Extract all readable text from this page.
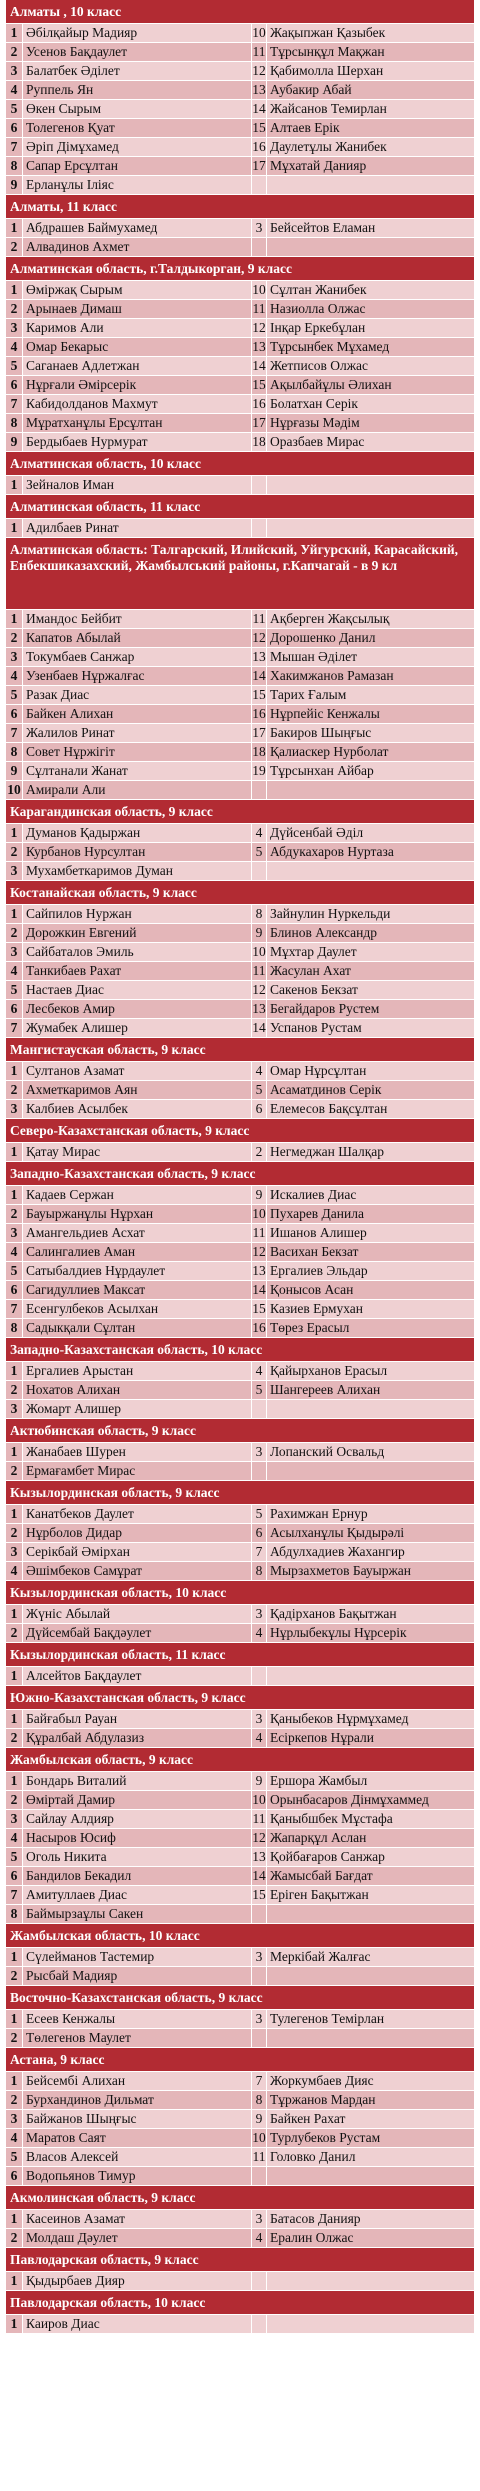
Алматы , 10 класс
1 Әбілқайыр Мадияр	10 Жақыпжан Қазыбек
2 Усенов Бақдаулет	11 Тұрсынқұл Мақжан
3 Балатбек Әділет	12 Қабимолла Шерхан
4 Руппель Ян	13 Аубакир Абай
5 Өкен Сырым	14 Жайсанов Темирлан
6 Толегенов Қуат	15 Алтаев Ерік
7 Әріп Дімұхамед	16 Даулетұлы Жанибек
8 Сапар Ерсұлтан	17 Мұхатай Данияр
9 Ерланұлы Іліяс
Алматы, 11 класс
1 Абдрашев Баймухамед	3 Бейсейтов Еламан
2 Алвадинов Ахмет
Алматинская область, г.Талдыкорган, 9 класс
1 Өміржақ Сырым	10 Сұлтан Жанибек
2 Арынаев Димаш	11 Назиолла Олжас
3 Каримов Али	12 Інқар Еркебұлан
4 Омар Бекарыс	13 Тұрсынбек Мұхамед
5 Саганаев Адлетжан	14 Жетписов Олжас
6 Нұрғали Әмірсерік	15 Ақылбайұлы Әлихан
7 Кабидолданов Махмут	16 Болатхан Серік
8 Мұратханұлы Ерсұлтан	17 Нұрғазы Мәдім
9 Бердыбаев Нурмурат	18 Оразбаев Мирас
Алматинская область, 10 класс
1 Зейналов Иман
Алматинская область, 11 класс
1 Адилбаев Ринат
Алматинская область: Талгарский, Илийский, Уйгурский, Карасайский, Енбекшиказахский, Жамбылський районы, г.Капчагай - в 9 кл
1 Имандос Бейбит	11 Ақберген Жақсылық
2 Капатов Абылай	12 Дорошенко Данил
3 Токумбаев Санжар	13 Мышан Әділет
4 Узенбаев Нұржалғас	14 Хакимжанов Рамазан
5 Разак Диас	15 Тарих Ғалым
6 Байкен Алихан	16 Нұрпейіс Кенжалы
7 Жалилов Ринат	17 Бакиров Шыңғыс
8 Совет Нұржігіт	18 Қалиаскер Нурболат
9 Сұлтанали Жанат	19 Тұрсынхан Айбар
10 Амирали Али
Карагандинская область, 9 класс
1 Думанов Қадыржан	4 Дүйсенбай Әділ
2 Курбанов Нурсултан	5 Абдукахаров Нуртаза
3 Мухамбеткаримов Думан
Костанайская область, 9 класс
1 Сайпилов Нуржан	8 Зайнулин Нуркельди
2 Дорожкин Евгений	9 Блинов Александр
3 Сайбаталов Эмиль	10 Мұхтар Даулет
4 Танкибаев Рахат	11 Жасулан Ахат
5 Настаев Диас	12 Сакенов Бекзат
6 Лесбеков Амир	13 Бегайдаров Рустем
7 Жумабек Алишер	14 Успанов Рустам
Мангистауская область, 9 класс
1 Султанов Азамат	4 Омар Нұрсұлтан
2 Ахметкаримов Аян	5 Асаматдинов Серік
3 Калбиев Асылбек	6 Елемесов Бақсұлтан
Северо-Казахстанская область, 9 класс
1 Қатау Мирас	2 Негмеджан Шалқар
Западно-Казахстанская область, 9 класс
1 Кадаев Сержан	9 Искалиев Диас
2 Бауыржанұлы Нұрхан	10 Пухарев Данила
3 Амангельдиев Асхат	11 Ишанов Алишер
4 Салингалиев Аман	12 Васихан Бекзат
5 Сатыбалдиев Нұрдаулет	13 Ергалиев Эльдар
6 Сагидуллиев Максат	14 Қонысов Асан
7 Есенгулбеков Асылхан	15 Казиев Ермухан
8 Садыкқали Сұлтан	16 Төрез Ерасыл
Западно-Казахстанская область, 10 класс
1 Ергалиев Арыстан	4 Қайырханов Ерасыл
2 Нохатов Алихан	5 Шангереев Алихан
3 Жомарт Алишер
Актюбинская область, 9 класс
1 Жанабаев Шурен	3 Лопанский Освальд
2 Ермағамбет Мирас
Кызылординская область, 9 класс
1 Канатбеков Даулет	5 Рахимжан Ернур
2 Нұрболов Дидар	6 Асылханұлы Қыдырәлі
3 Серікбай Әмірхан	7 Абдулхадиев Жахангир
4 Әшімбеков Самұрат	8 Мырзахметов Бауыржан
Кызылординская область, 10 класс
1 Жүніс Абылай	3 Қадірханов Бақытжан
2 Дүйсембай Бақдәулет	4 Нұрлыбекұлы Нұрсерік
Кызылординская область, 11 класс
1 Алсейтов Бақдаулет
Южно-Казахстанская область, 9 класс
1 Байғабыл Рауан	3 Қаныбеков Нұрмұхамед
2 Құралбай Абдулазиз	4 Есіркепов Нұрали
Жамбылская область, 9 класс
1 Бондарь Виталий	9 Ершора Жамбыл
2 Өміртай Дамир	10 Орынбасаров Дінмұхаммед
3 Сайлау Алдияр	11 Қаныбшбек Мұстафа
4 Насыров Юсиф	12 Жапарқұл Аслан
5 Оголь Никита	13 Қойбағаров Санжар
6 Бандилов Бекадил	14 Жамысбай Бағдат
7 Амитуллаев Диас	15 Еріген Бақытжан
8 Баймырзаұлы Сакен
Жамбылская область, 10 класс
1 Сүлейманов Тастемир	3 Меркібай Жалғас
2 Рысбай Мадияр
Восточно-Казахстанская область, 9 класс
1 Есеев Кенжалы	3 Тулегенов Темірлан
2 Төлегенов Маулет
Астана, 9 класс
1 Бейсембі Алихан	7 Жоркумбаев Дияс
2 Бурхандинов Дильмат	8 Тұржанов Мардан
3 Байжанов Шыңғыс	9 Байкен Рахат
4 Маратов Саят	10 Турлубеков Рустам
5 Власов Алексей	11 Головко Данил
6 Водопьянов Тимур
Акмолинская область, 9 класс
1 Касеинов Азамат	3 Батасов Данияр
2 Молдаш Дәулет	4 Ералин Олжас
Павлодарская область, 9 класс
1 Қыдырбаев Дияр
Павлодарская область, 10 класс
1 Каиров Диас
